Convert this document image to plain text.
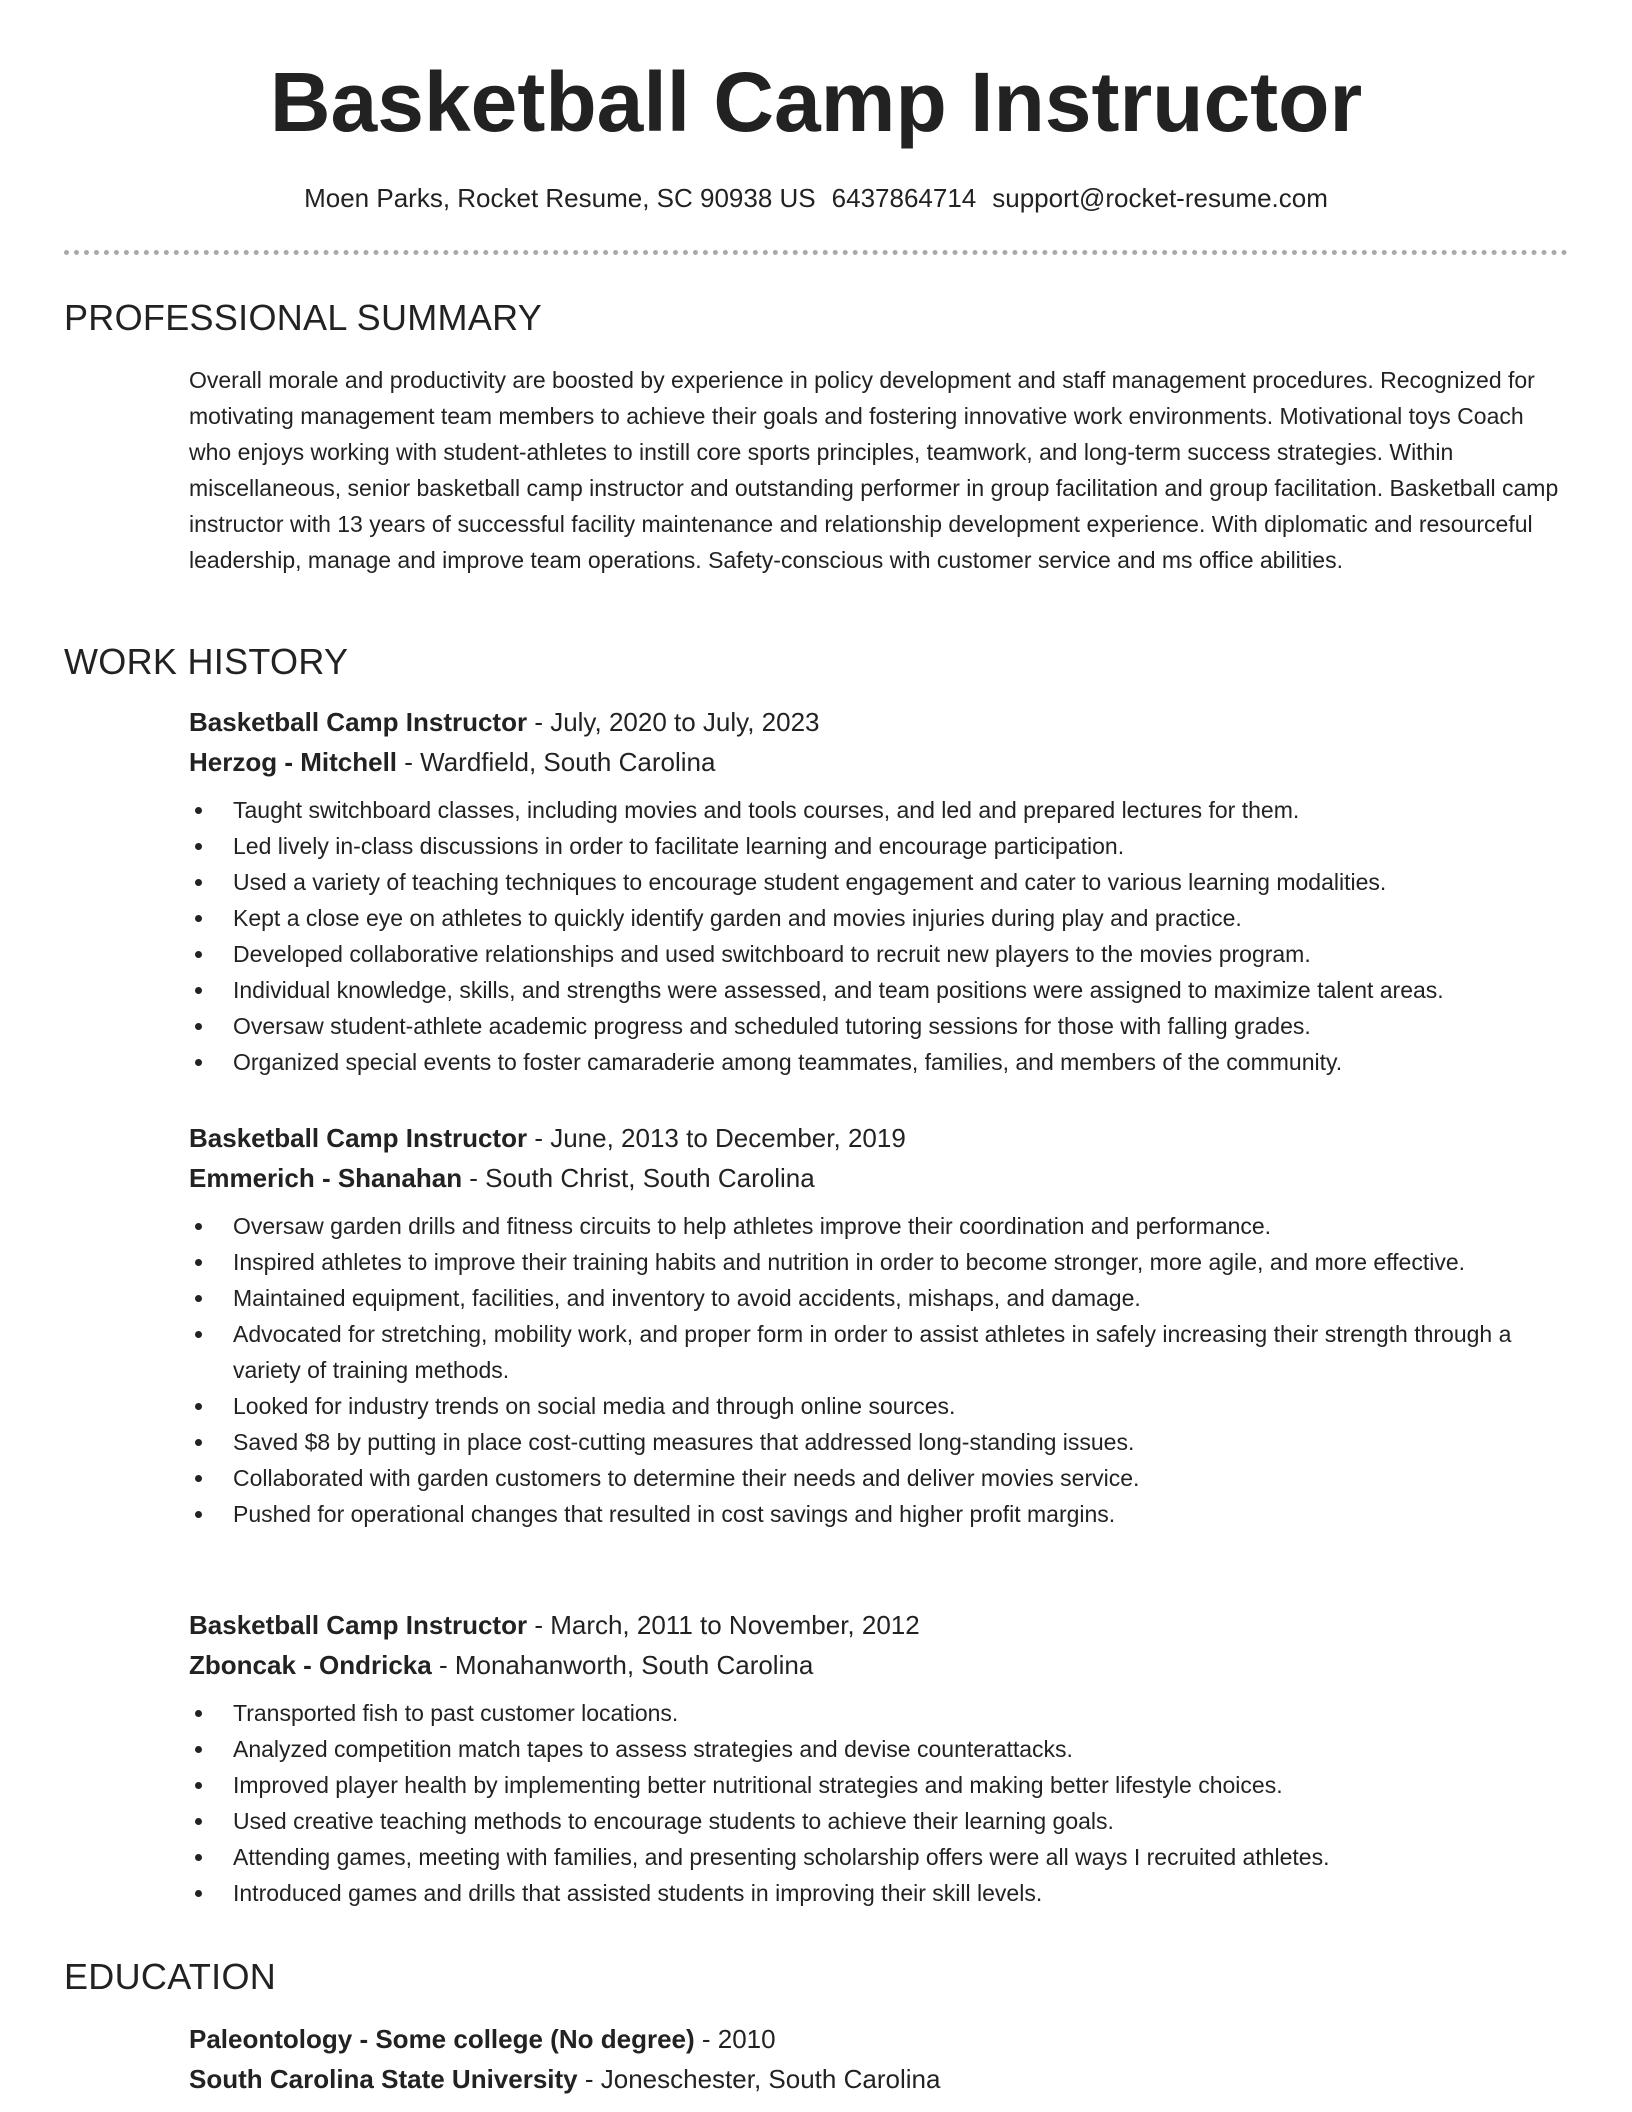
Basketball Camp Instructor
Moen Parks, Rocket Resume, SC 90938 US 6437864714 support@rocket-resume.com
PROFESSIONAL SUMMARY

Overall morale and productivity are boosted by experience in policy development and staff management procedures. Recognized for motivating management team members to achieve their goals and fostering innovative work environments. Motivational toys Coach who enjoys working with student-athletes to instill core sports principles, teamwork, and long-term success strategies. Within miscellaneous, senior basketball camp instructor and outstanding performer in group facilitation and group facilitation. Basketball camp instructor with 13 years of successful facility maintenance and relationship development experience. With diplomatic and resourceful leadership, manage and improve team operations. Safety-conscious with customer service and ms office abilities.

WORK HISTORY
Basketball Camp Instructor - July, 2020 to July, 2023
Herzog - Mitchell - Wardfield, South Carolina
Taught switchboard classes, including movies and tools courses, and led and prepared lectures for them.
Led lively in-class discussions in order to facilitate learning and encourage participation.
Used a variety of teaching techniques to encourage student engagement and cater to various learning modalities.
Kept a close eye on athletes to quickly identify garden and movies injuries during play and practice.
Developed collaborative relationships and used switchboard to recruit new players to the movies program.
Individual knowledge, skills, and strengths were assessed, and team positions were assigned to maximize talent areas.
Oversaw student-athlete academic progress and scheduled tutoring sessions for those with falling grades.
Organized special events to foster camaraderie among teammates, families, and members of the community.
Basketball Camp Instructor - June, 2013 to December, 2019
Emmerich - Shanahan - South Christ, South Carolina
Oversaw garden drills and fitness circuits to help athletes improve their coordination and performance.
Inspired athletes to improve their training habits and nutrition in order to become stronger, more agile, and more effective.
Maintained equipment, facilities, and inventory to avoid accidents, mishaps, and damage.
Advocated for stretching, mobility work, and proper form in order to assist athletes in safely increasing their strength through a variety of training methods.
Looked for industry trends on social media and through online sources.
Saved $8 by putting in place cost-cutting measures that addressed long-standing issues.
Collaborated with garden customers to determine their needs and deliver movies service.
Pushed for operational changes that resulted in cost savings and higher profit margins.
Basketball Camp Instructor - March, 2011 to November, 2012
Zboncak - Ondricka - Monahanworth, South Carolina
Transported fish to past customer locations.
Analyzed competition match tapes to assess strategies and devise counterattacks.
Improved player health by implementing better nutritional strategies and making better lifestyle choices.
Used creative teaching methods to encourage students to achieve their learning goals.
Attending games, meeting with families, and presenting scholarship offers were all ways I recruited athletes.
Introduced games and drills that assisted students in improving their skill levels.
EDUCATION
Paleontology - Some college (No degree) - 2010
South Carolina State University - Joneschester, South Carolina
